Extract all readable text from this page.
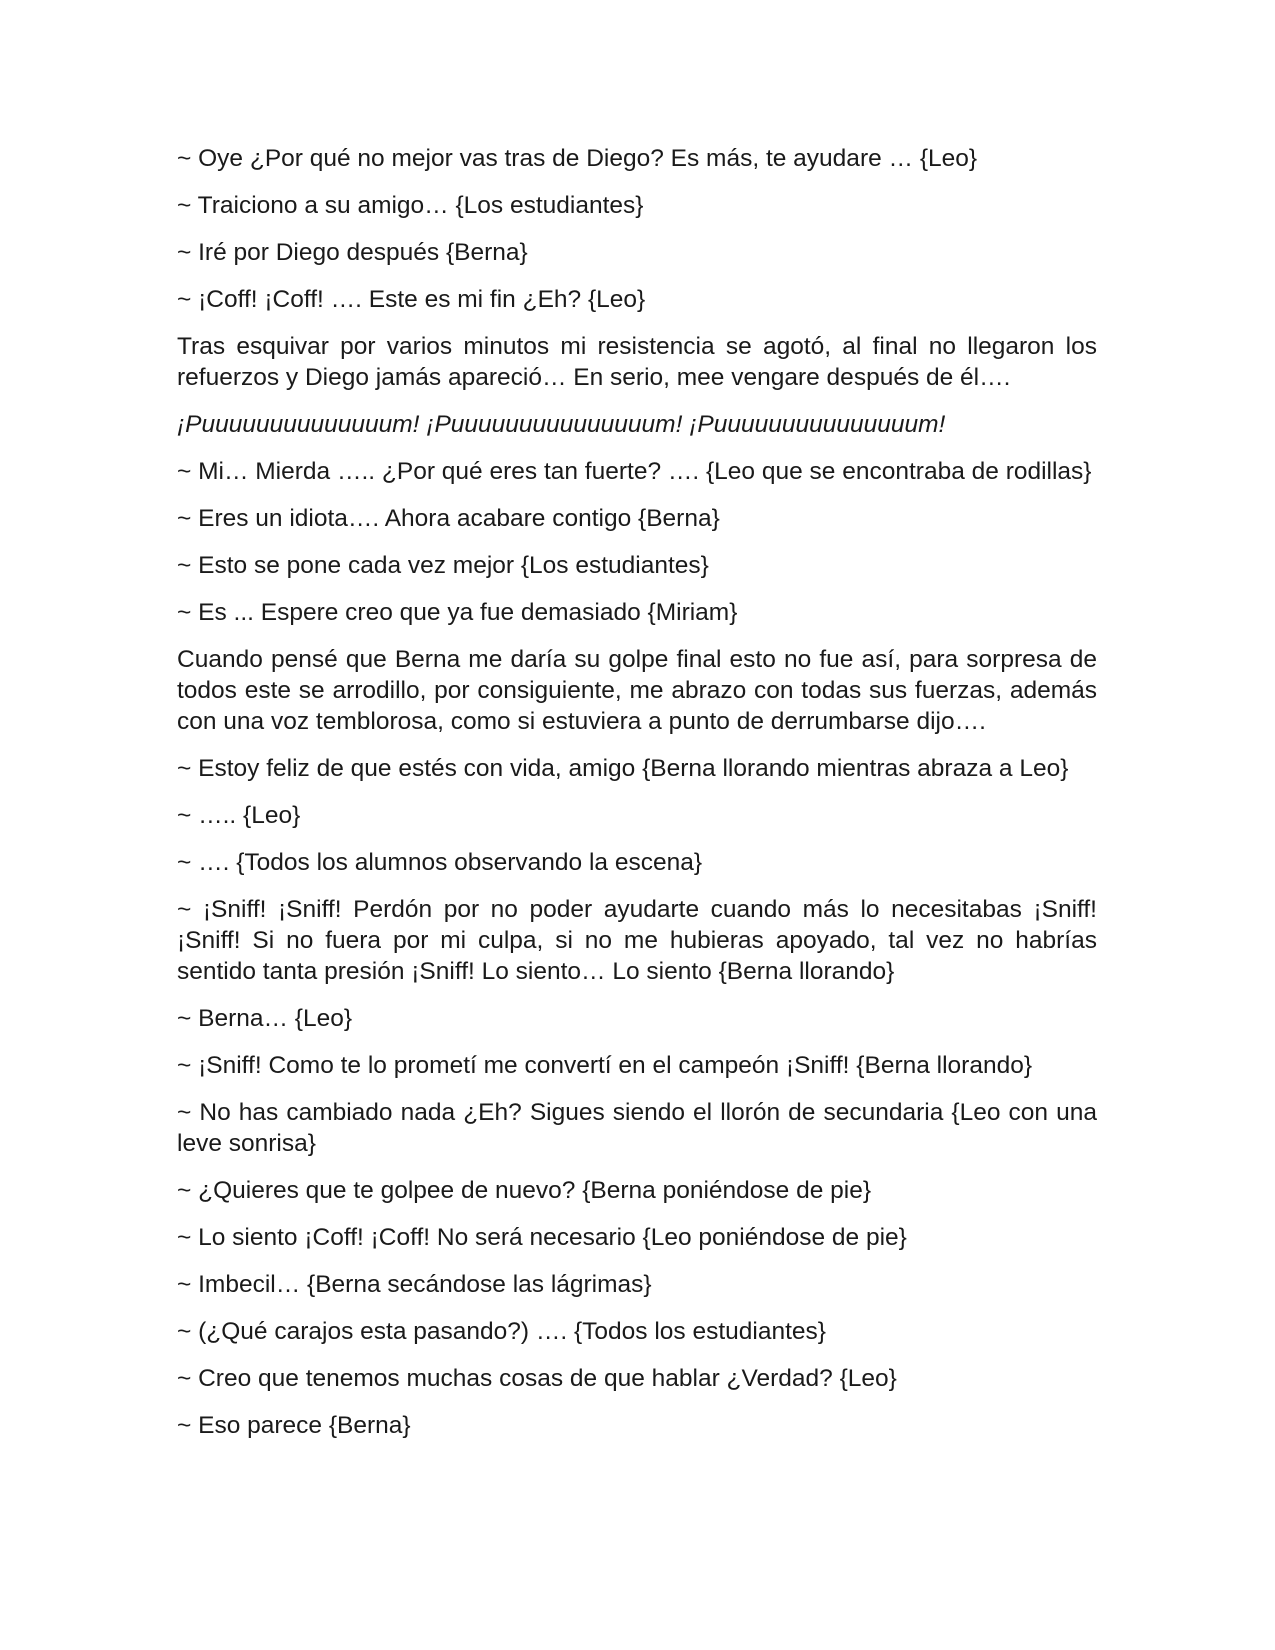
~ Oye ¿Por qué no mejor vas tras de Diego? Es más, te ayudare … {Leo}

~ Traiciono a su amigo… {Los estudiantes}

~ Iré por Diego después {Berna}

~ ¡Coff! ¡Coff! …. Este es mi fin ¿Eh? {Leo}

Tras esquivar por varios minutos mi resistencia se agotó, al final no llegaron los refuerzos y Diego jamás apareció… En serio, mee vengare después de él….

¡Puuuuuuuuuuuuuum! ¡Puuuuuuuuuuuuuuum! ¡Puuuuuuuuuuuuuuum!

~ Mi… Mierda ….. ¿Por qué eres tan fuerte? …. {Leo que se encontraba de rodillas}

~ Eres un idiota…. Ahora acabare contigo {Berna}

~ Esto se pone cada vez mejor {Los estudiantes}

~ Es ... Espere creo que ya fue demasiado {Miriam}

Cuando pensé que Berna me daría su golpe final esto no fue así, para sorpresa de todos este se arrodillo, por consiguiente, me abrazo con todas sus fuerzas, además con una voz temblorosa, como si estuviera a punto de derrumbarse dijo….

~ Estoy feliz de que estés con vida, amigo {Berna llorando mientras abraza a Leo}

~ ….. {Leo}

~ …. {Todos los alumnos observando la escena}

~ ¡Sniff! ¡Sniff! Perdón por no poder ayudarte cuando más lo necesitabas ¡Sniff! ¡Sniff! Si no fuera por mi culpa, si no me hubieras apoyado, tal vez no habrías sentido tanta presión ¡Sniff! Lo siento… Lo siento {Berna llorando}

~ Berna… {Leo}

~ ¡Sniff! Como te lo prometí me convertí en el campeón ¡Sniff! {Berna llorando}

~ No has cambiado nada ¿Eh? Sigues siendo el llorón de secundaria {Leo con una leve sonrisa}

~ ¿Quieres que te golpee de nuevo? {Berna poniéndose de pie}

~ Lo siento ¡Coff! ¡Coff! No será necesario {Leo poniéndose de pie}

~ Imbecil… {Berna secándose las lágrimas}

~ (¿Qué carajos esta pasando?) …. {Todos los estudiantes}

~ Creo que tenemos muchas cosas de que hablar ¿Verdad? {Leo}

~ Eso parece {Berna}
